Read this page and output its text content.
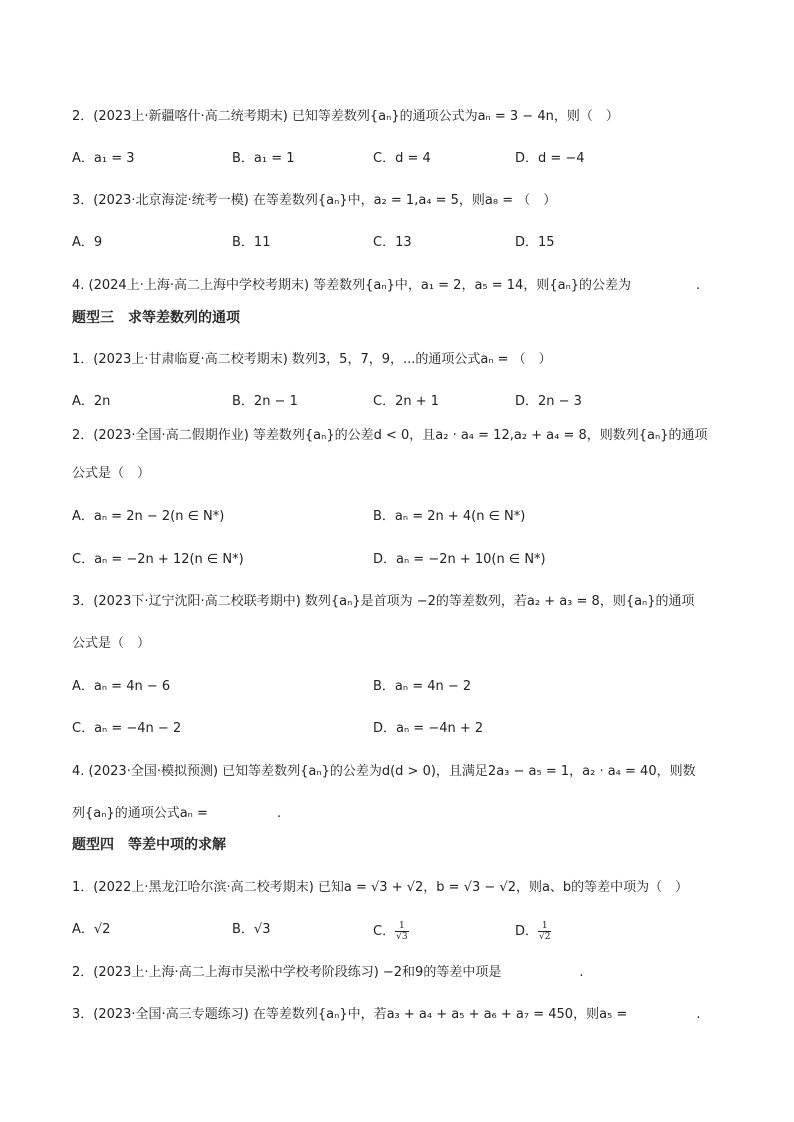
2．(2023上·新疆喀什·高二统考期末) 已知等差数列{aₙ}的通项公式为aₙ = 3 − 4n，则（　）
A．a₁ = 3	B．a₁ = 1	C．d = 4	D．d = −4
3．(2023·北京海淀·统考一模) 在等差数列{aₙ}中，a₂ = 1,a₄ = 5，则a₈ = （　）
A．9	B．11	C．13	D．15
4. (2024上·上海·高二上海中学校考期末) 等差数列{aₙ}中，a₁ = 2，a₅ = 14，则{aₙ}的公差为　　　　　.
题型三　求等差数列的通项
1．(2023上·甘肃临夏·高二校考期末) 数列3，5，7，9，...的通项公式aₙ = （　）
A．2n	B．2n − 1	C．2n + 1	D．2n − 3
2．(2023·全国·高二假期作业) 等差数列{aₙ}的公差d < 0，且a₂ · a₄ = 12,a₂ + a₄ = 8，则数列{aₙ}的通项
公式是（　）
A．aₙ = 2n − 2(n ∈ N*)	B．aₙ = 2n + 4(n ∈ N*)
C．aₙ = −2n + 12(n ∈ N*)	D．aₙ = −2n + 10(n ∈ N*)
3．(2023下·辽宁沈阳·高二校联考期中) 数列{aₙ}是首项为 −2的等差数列，若a₂ + a₃ = 8，则{aₙ}的通项
公式是（　）
A．aₙ = 4n − 6	B．aₙ = 4n − 2
C．aₙ = −4n − 2	D．aₙ = −4n + 2
4. (2023·全国·模拟预测) 已知等差数列{aₙ}的公差为d(d > 0)，且满足2a₃ − a₅ = 1，a₂ · a₄ = 40，则数
列{aₙ}的通项公式aₙ = 　　　　　.
题型四　等差中项的求解
1．(2022上·黑龙江哈尔滨·高二校考期末) 已知a = √3 + √2，b = √3 − √2，则a、b的等差中项为（　）
A．√2	B．√3	C． $\frac{1}{√3}$	D． $\frac{1}{√2}$
2．(2023上·上海·高二上海市吴淞中学校考阶段练习) −2和9的等差中项是　　　　　　.
3．(2023·全国·高三专题练习) 在等差数列{aₙ}中，若a₃ + a₄ + a₅ + a₆ + a₇ = 450，则a₅ = 　　　　　.
